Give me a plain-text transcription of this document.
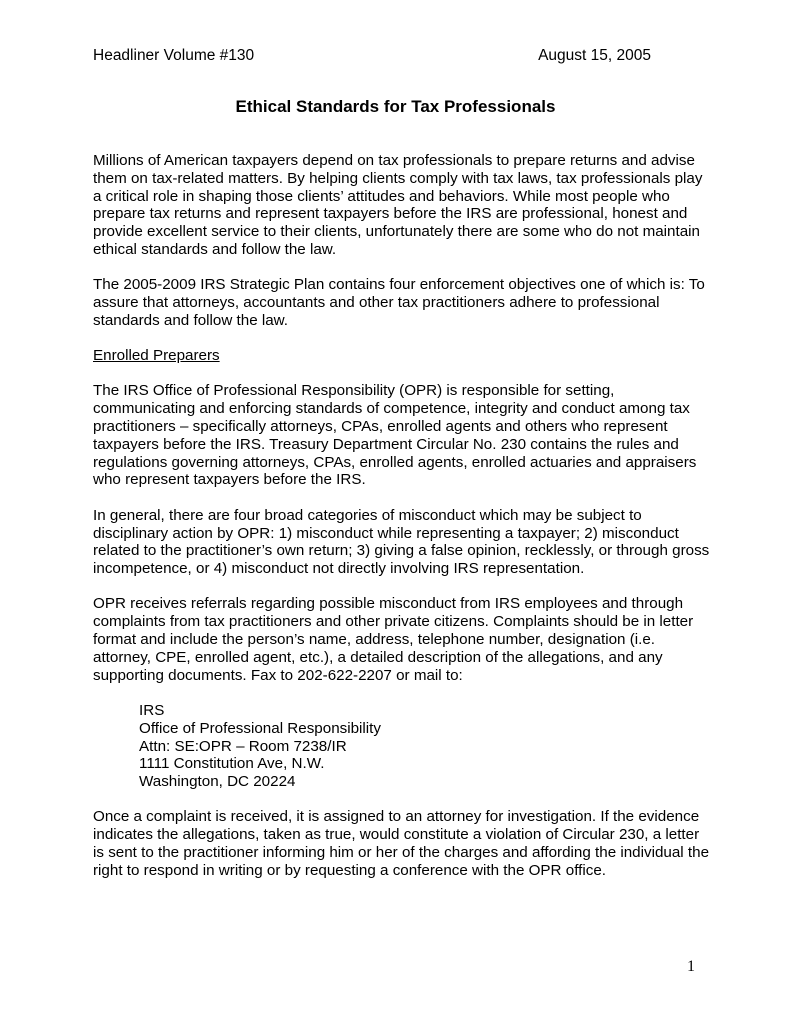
Headliner Volume #130	August 15, 2005
Ethical Standards for Tax Professionals

Millions of American taxpayers depend on tax professionals to prepare returns and advise them on tax-related matters. By helping clients comply with tax laws, tax professionals play a critical role in shaping those clients’ attitudes and behaviors. While most people who prepare tax returns and represent taxpayers before the IRS are professional, honest and provide excellent service to their clients, unfortunately there are some who do not maintain ethical standards and follow the law.

The 2005-2009 IRS Strategic Plan contains four enforcement objectives one of which is: To assure that attorneys, accountants and other tax practitioners adhere to professional standards and follow the law.

Enrolled Preparers

The IRS Office of Professional Responsibility (OPR) is responsible for setting, communicating and enforcing standards of competence, integrity and conduct among tax practitioners – specifically attorneys, CPAs, enrolled agents and others who represent taxpayers before the IRS. Treasury Department Circular No. 230 contains the rules and regulations governing attorneys, CPAs, enrolled agents, enrolled actuaries and appraisers who represent taxpayers before the IRS.

In general, there are four broad categories of misconduct which may be subject to disciplinary action by OPR: 1) misconduct while representing a taxpayer; 2) misconduct related to the practitioner’s own return; 3) giving a false opinion, recklessly, or through gross incompetence, or 4) misconduct not directly involving IRS representation.

OPR receives referrals regarding possible misconduct from IRS employees and through complaints from tax practitioners and other private citizens. Complaints should be in letter format and include the person’s name, address, telephone number, designation (i.e. attorney, CPE, enrolled agent, etc.), a detailed description of the allegations, and any supporting documents. Fax to 202-622-2207 or mail to:

IRS
Office of Professional Responsibility
Attn: SE:OPR – Room 7238/IR
1111 Constitution Ave, N.W.
Washington, DC 20224

Once a complaint is received, it is assigned to an attorney for investigation. If the evidence indicates the allegations, taken as true, would constitute a violation of Circular 230, a letter is sent to the practitioner informing him or her of the charges and affording the individual the right to respond in writing or by requesting a conference with the OPR office.

1
